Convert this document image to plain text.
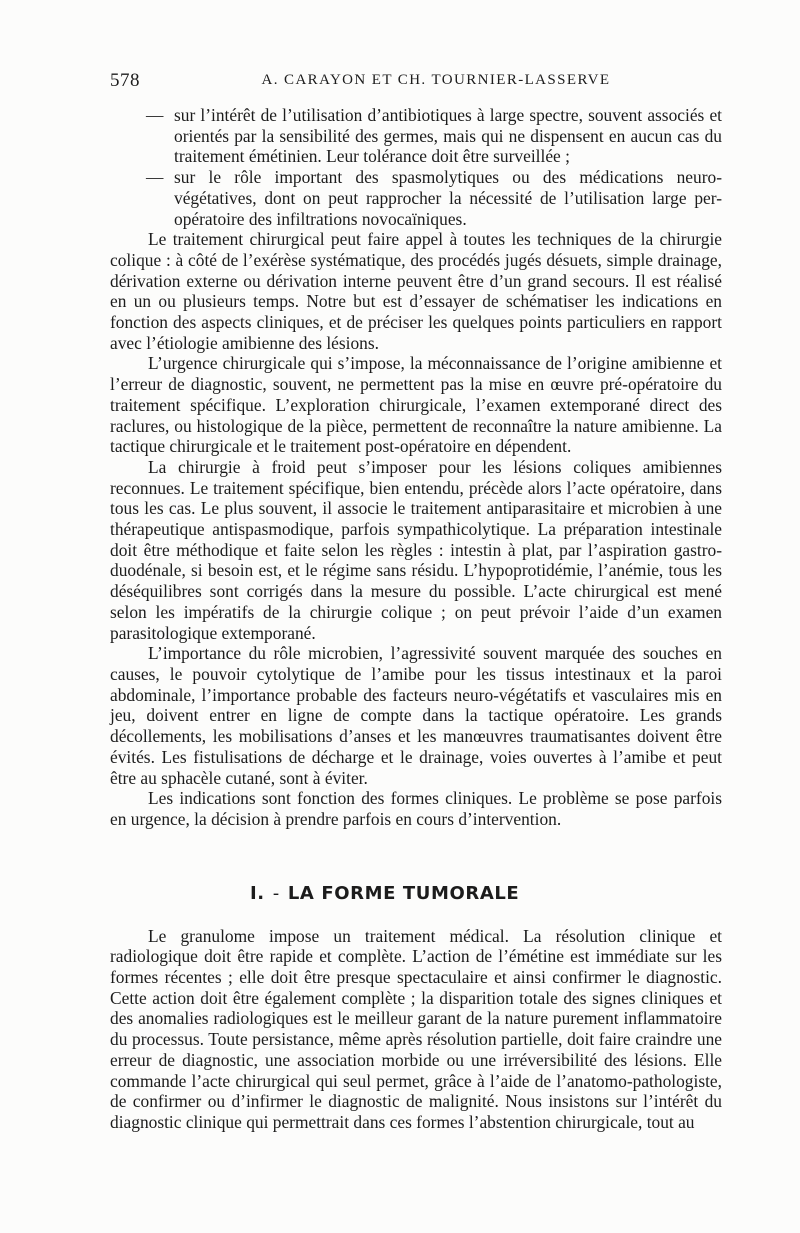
578	A. CARAYON ET CH. TOURNIER-LASSERVE
— sur l’intérêt de l’utilisation d’antibiotiques à large spectre, souvent associés et orientés par la sensibilité des germes, mais qui ne dispensent en aucun cas du traitement émétinien. Leur tolérance doit être surveillée ;
— sur le rôle important des spasmolytiques ou des médications neuro-végétatives, dont on peut rapprocher la nécessité de l’utilisation large per-opératoire des infiltrations novocaïniques.

Le traitement chirurgical peut faire appel à toutes les techniques de la chirurgie colique : à côté de l’exérèse systématique, des procédés jugés désuets, simple drainage, dérivation externe ou dérivation interne peuvent être d’un grand secours. Il est réalisé en un ou plusieurs temps. Notre but est d’essayer de schématiser les indications en fonction des aspects cliniques, et de préciser les quelques points particuliers en rapport avec l’étiologie amibienne des lésions.

L’urgence chirurgicale qui s’impose, la méconnaissance de l’origine amibienne et l’erreur de diagnostic, souvent, ne permettent pas la mise en œuvre pré-opératoire du traitement spécifique. L’exploration chirurgicale, l’examen extemporané direct des raclures, ou histologique de la pièce, permettent de reconnaître la nature amibienne. La tactique chirurgicale et le traitement post-opératoire en dépendent.

La chirurgie à froid peut s’imposer pour les lésions coliques amibiennes reconnues. Le traitement spécifique, bien entendu, précède alors l’acte opératoire, dans tous les cas. Le plus souvent, il associe le traitement antiparasitaire et microbien à une thérapeutique antispasmodique, parfois sympathicolytique. La préparation intestinale doit être méthodique et faite selon les règles : intestin à plat, par l’aspiration gastro-duodénale, si besoin est, et le régime sans résidu. L’hypoprotidémie, l’anémie, tous les déséquilibres sont corrigés dans la mesure du possible. L’acte chirurgical est mené selon les impératifs de la chirurgie colique ; on peut prévoir l’aide d’un examen parasitologique extemporané.

L’importance du rôle microbien, l’agressivité souvent marquée des souches en causes, le pouvoir cytolytique de l’amibe pour les tissus intestinaux et la paroi abdominale, l’importance probable des facteurs neuro-végétatifs et vasculaires mis en jeu, doivent entrer en ligne de compte dans la tactique opératoire. Les grands décollements, les mobilisations d’anses et les manœuvres traumatisantes doivent être évités. Les fistulisations de décharge et le drainage, voies ouvertes à l’amibe et peut être au sphacèle cutané, sont à éviter.

Les indications sont fonction des formes cliniques. Le problème se pose parfois en urgence, la décision à prendre parfois en cours d’intervention.

I. - LA FORME TUMORALE

Le granulome impose un traitement médical. La résolution clinique et radiologique doit être rapide et complète. L’action de l’émétine est immédiate sur les formes récentes ; elle doit être presque spectaculaire et ainsi confirmer le diagnostic. Cette action doit être également complète ; la disparition totale des signes cliniques et des anomalies radiologiques est le meilleur garant de la nature purement inflammatoire du processus. Toute persistance, même après résolution partielle, doit faire craindre une erreur de diagnostic, une association morbide ou une irréversibilité des lésions. Elle commande l’acte chirurgical qui seul permet, grâce à l’aide de l’anatomo-pathologiste, de confirmer ou d’infirmer le diagnostic de malignité. Nous insistons sur l’intérêt du diagnostic clinique qui permettrait dans ces formes l’abstention chirurgicale, tout au
